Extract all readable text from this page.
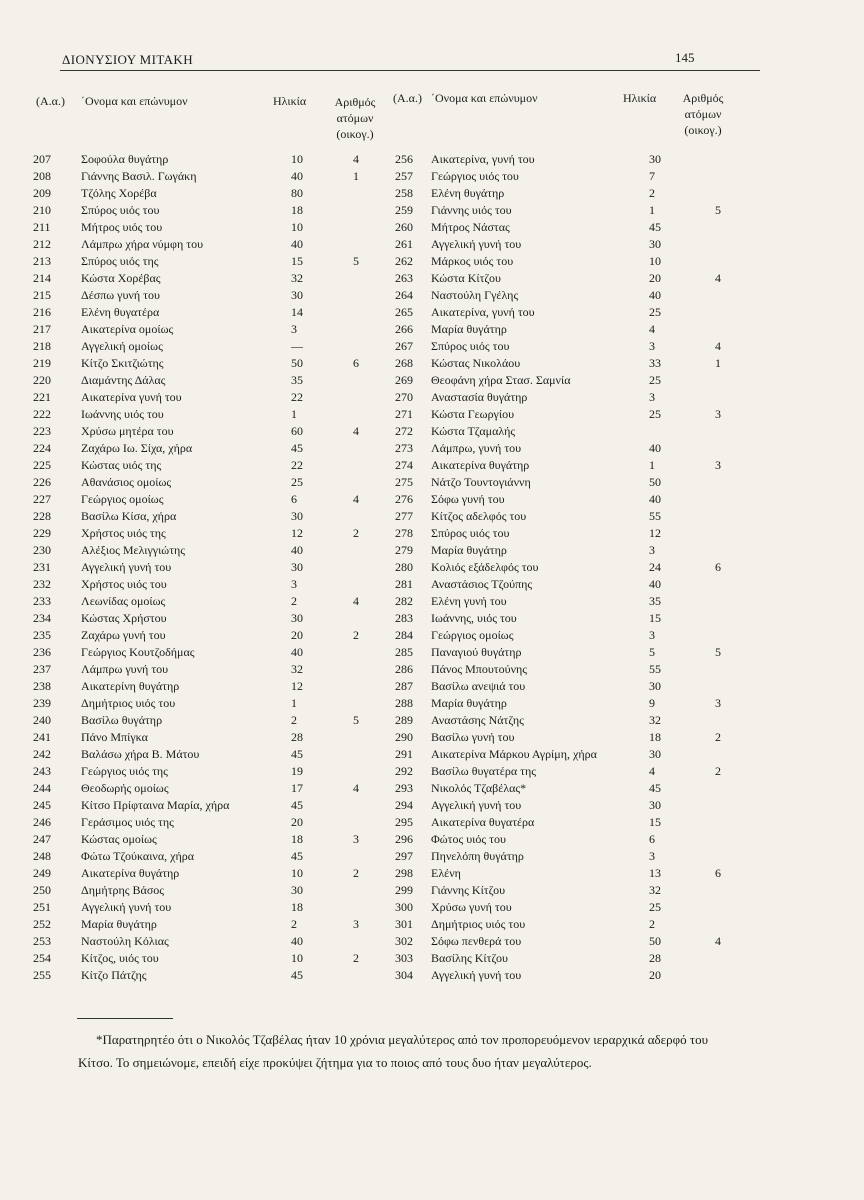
ΔΙΟΝΥΣΙΟΥ ΜΙΤΑΚΗ	145
(Α.α.) ΄Ονομα και επώνυμον	Ηλικία	Αριθμός
ατόμων
(οικογ.)
207	Σοφούλα θυγάτηρ	10	4
208	Γιάννης Βασιλ. Γωγάκη	40	1
209	Τζόλης Χορέβα	80
210	Σπύρος υιός του	18
211	Μήτρος υιός του	10
212	Λάμπρω χήρα νύμφη του	40
213	Σπύρος υιός της	15	5
214	Κώστα Χορέβας	32
215	Δέσπω γυνή του	30
216	Ελένη θυγατέρα	14
217	Αικατερίνα ομοίως	3
218	Αγγελική ομοίως	—
219	Κίτζο Σκιτζιώτης	50	6
220	Διαμάντης Δάλας	35
221	Αικατερίνα γυνή του	22
222	Ιωάννης υιός του	1
223	Χρύσω μητέρα του	60	4
224	Ζαχάρω Ιω. Σίχα, χήρα	45
225	Κώστας υιός της	22
226	Αθανάσιος ομοίως	25
227	Γεώργιος ομοίως	6	4
228	Βασίλω Κίσα, χήρα	30
229	Χρήστος υιός της	12	2
230	Αλέξιος Μελιγγιώτης	40
231	Αγγελική γυνή του	30
232	Χρήστος υιός του	3
233	Λεωνίδας ομοίως	2	4
234	Κώστας Χρήστου	30
235	Ζαχάρω γυνή του	20	2
236	Γεώργιος Κουτζοδήμας	40
237	Λάμπρω γυνή του	32
238	Αικατερίνη θυγάτηρ	12
239	Δημήτριος υιός του	1
240	Βασίλω θυγάτηρ	2	5
241	Πάνο Μπίγκα	28
242	Βαλάσω χήρα Β. Μάτου	45
243	Γεώργιος υιός της	19
244	Θεοδωρής ομοίως	17	4
245	Κίτσο Πρίφταινα Μαρία, χήρα	45
246	Γεράσιμος υιός της	20
247	Κώστας ομοίως	18	3
248	Φώτω Τζούκαινα, χήρα	45
249	Αικατερίνα θυγάτηρ	10	2
250	Δημήτρης Βάσος	30
251	Αγγελική γυνή του	18
252	Μαρία θυγάτηρ	2	3
253	Ναστούλη Κόλιας	40
254	Κίτζος, υιός του	10	2
255	Κίτζο Πάτζης	45
(Α.α.) ΄Ονομα και επώνυμον	Ηλικία	Αριθμός
ατόμων
(οικογ.)
256	Αικατερίνα, γυνή του	30
257	Γεώργιος υιός του	7
258	Ελένη θυγάτηρ	2
259	Γιάννης υιός του	1	5
260	Μήτρος Νάστας	45
261	Αγγελική γυνή του	30
262	Μάρκος υιός του	10
263	Κώστα Κίτζου	20	4
264	Ναστούλη Γγέλης	40
265	Αικατερίνα, γυνή του	25
266	Μαρία θυγάτηρ	4
267	Σπύρος υιός του	3	4
268	Κώστας Νικολάου	33	1
269	Θεοφάνη χήρα Στασ. Σαμνία	25
270	Αναστασία θυγάτηρ	3
271	Κώστα Γεωργίου	25	3
272	Κώστα Τζαμαλής
273	Λάμπρω, γυνή του	40
274	Αικατερίνα θυγάτηρ	1	3
275	Νάτζο Τουντογιάννη	50
276	Σόφω γυνή του	40
277	Κίτζος αδελφός του	55
278	Σπύρος υιός του	12
279	Μαρία θυγάτηρ	3
280	Κολιός εξάδελφός του	24	6
281	Αναστάσιος Τζούπης	40
282	Ελένη γυνή του	35
283	Ιωάννης, υιός του	15
284	Γεώργιος ομοίως	3
285	Παναγιού θυγάτηρ	5	5
286	Πάνος Μπουτούνης	55
287	Βασίλω ανεψιά του	30
288	Μαρία θυγάτηρ	9	3
289	Αναστάσης Νάτζης	32
290	Βασίλω γυνή του	18	2
291	Αικατερίνα Μάρκου Αγρίμη, χήρα	30
292	Βασίλω θυγατέρα της	4	2
293	Νικολός Τζαβέλας*	45
294	Αγγελική γυνή του	30
295	Αικατερίνα θυγατέρα	15
296	Φώτος υιός του	6
297	Πηνελόπη θυγάτηρ	3
298	Ελένη	13	6
299	Γιάννης Κίτζου	32
300	Χρύσω γυνή του	25
301	Δημήτριος υιός του	2
302	Σόφω πενθερά του	50	4
303	Βασίλης Κίτζου	28
304	Αγγελική γυνή του	20
*Παρατηρητέο ότι ο Νικολός Τζαβέλας ήταν 10 χρόνια μεγαλύτερος από τον προπορευόμενον ιεραρχικά αδερφό του Κίτσο. Το σημειώνομε, επειδή είχε προκύψει ζήτημα για το ποιος από τους δυο ήταν μεγαλύτερος.
